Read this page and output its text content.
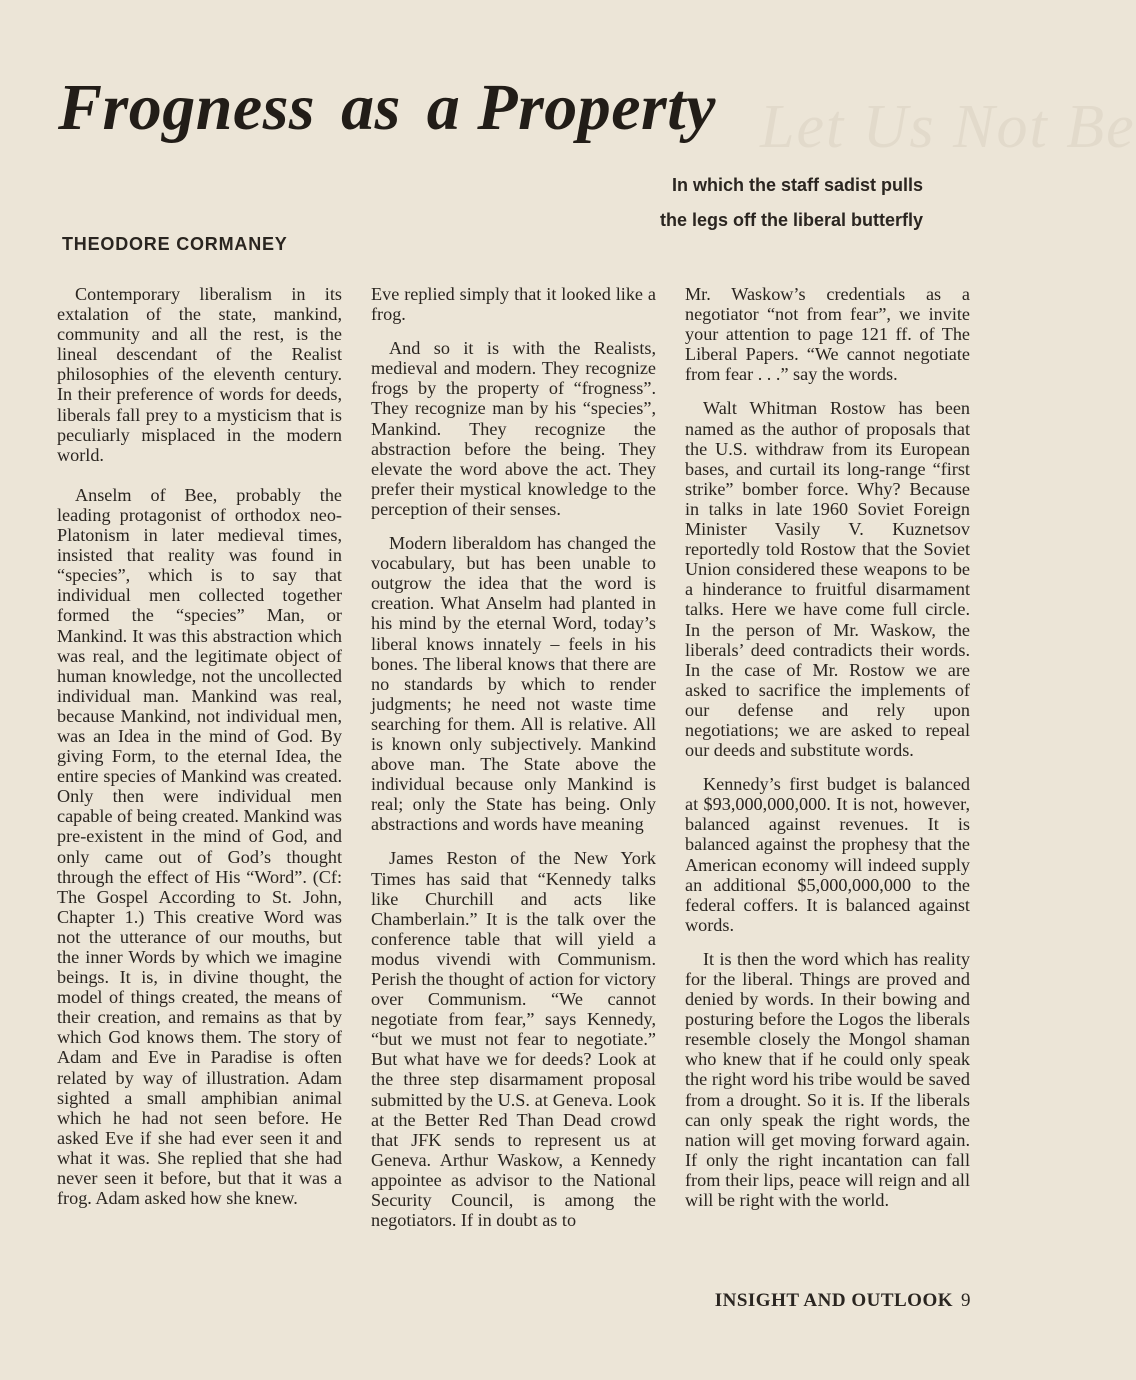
Let Us Not Be
Frogness as a Property
In which the staff sadist pulls
the legs off the liberal butterfly
THEODORE CORMANEY

Contemporary liberalism in its extalation of the state, mankind, community and all the rest, is the lineal descendant of the Realist philosophies of the eleventh century. In their preference of words for deeds, liberals fall prey to a mysticism that is peculiarly misplaced in the modern world.

Anselm of Bee, probably the leading protagonist of orthodox neo-Platonism in later medieval times, insisted that reality was found in “species”, which is to say that individual men collected together formed the “species” Man, or Mankind. It was this abstraction which was real, and the legitimate object of human knowledge, not the uncollected individual man. Mankind was real, because Mankind, not individual men, was an Idea in the mind of God. By giving Form, to the eternal Idea, the entire species of Mankind was created. Only then were individual men capable of being created. Mankind was pre-existent in the mind of God, and only came out of God’s thought through the effect of His “Word”. (Cf: The Gospel According to St. John, Chapter 1.) This creative Word was not the utterance of our mouths, but the inner Words by which we imagine beings. It is, in divine thought, the model of things created, the means of their creation, and remains as that by which God knows them. The story of Adam and Eve in Paradise is often related by way of illustration. Adam sighted a small amphibian animal which he had not seen before. He asked Eve if she had ever seen it and what it was. She replied that she had never seen it before, but that it was a frog. Adam asked how she knew.

Eve replied simply that it looked like a frog.

And so it is with the Realists, medieval and modern. They recognize frogs by the property of “frogness”. They recognize man by his “species”, Mankind. They recognize the abstraction before the being. They elevate the word above the act. They prefer their mystical knowledge to the perception of their senses.

Modern liberaldom has changed the vocabulary, but has been unable to outgrow the idea that the word is creation. What Anselm had planted in his mind by the eternal Word, today’s liberal knows innately – feels in his bones. The liberal knows that there are no standards by which to render judgments; he need not waste time searching for them. All is relative. All is known only subjectively. Mankind above man. The State above the individual because only Mankind is real; only the State has being. Only abstractions and words have meaning

James Reston of the New York Times has said that “Kennedy talks like Churchill and acts like Chamberlain.” It is the talk over the conference table that will yield a modus vivendi with Communism. Perish the thought of action for victory over Communism. “We cannot negotiate from fear,” says Kennedy, “but we must not fear to negotiate.” But what have we for deeds? Look at the three step disarmament proposal submitted by the U.S. at Geneva. Look at the Better Red Than Dead crowd that JFK sends to represent us at Geneva. Arthur Waskow, a Kennedy appointee as advisor to the National Security Council, is among the negotiators. If in doubt as to

Mr. Waskow’s credentials as a negotiator “not from fear”, we invite your attention to page 121 ff. of The Liberal Papers. “We cannot negotiate from fear . . .” say the words.

Walt Whitman Rostow has been named as the author of proposals that the U.S. withdraw from its European bases, and curtail its long-range “first strike” bomber force. Why? Because in talks in late 1960 Soviet Foreign Minister Vasily V. Kuznetsov reportedly told Rostow that the Soviet Union considered these weapons to be a hinderance to fruitful disarmament talks. Here we have come full circle. In the person of Mr. Waskow, the liberals’ deed contradicts their words. In the case of Mr. Rostow we are asked to sacrifice the implements of our defense and rely upon negotiations; we are asked to repeal our deeds and substitute words.

Kennedy’s first budget is balanced at $93,000,000,000. It is not, however, balanced against revenues. It is balanced against the prophesy that the American economy will indeed supply an additional $5,000,000,000 to the federal coffers. It is balanced against words.

It is then the word which has reality for the liberal. Things are proved and denied by words. In their bowing and posturing before the Logos the liberals resemble closely the Mongol shaman who knew that if he could only speak the right word his tribe would be saved from a drought. So it is. If the liberals can only speak the right words, the nation will get moving forward again. If only the right incantation can fall from their lips, peace will reign and all will be right with the world.

INSIGHT AND OUTLOOK 9
